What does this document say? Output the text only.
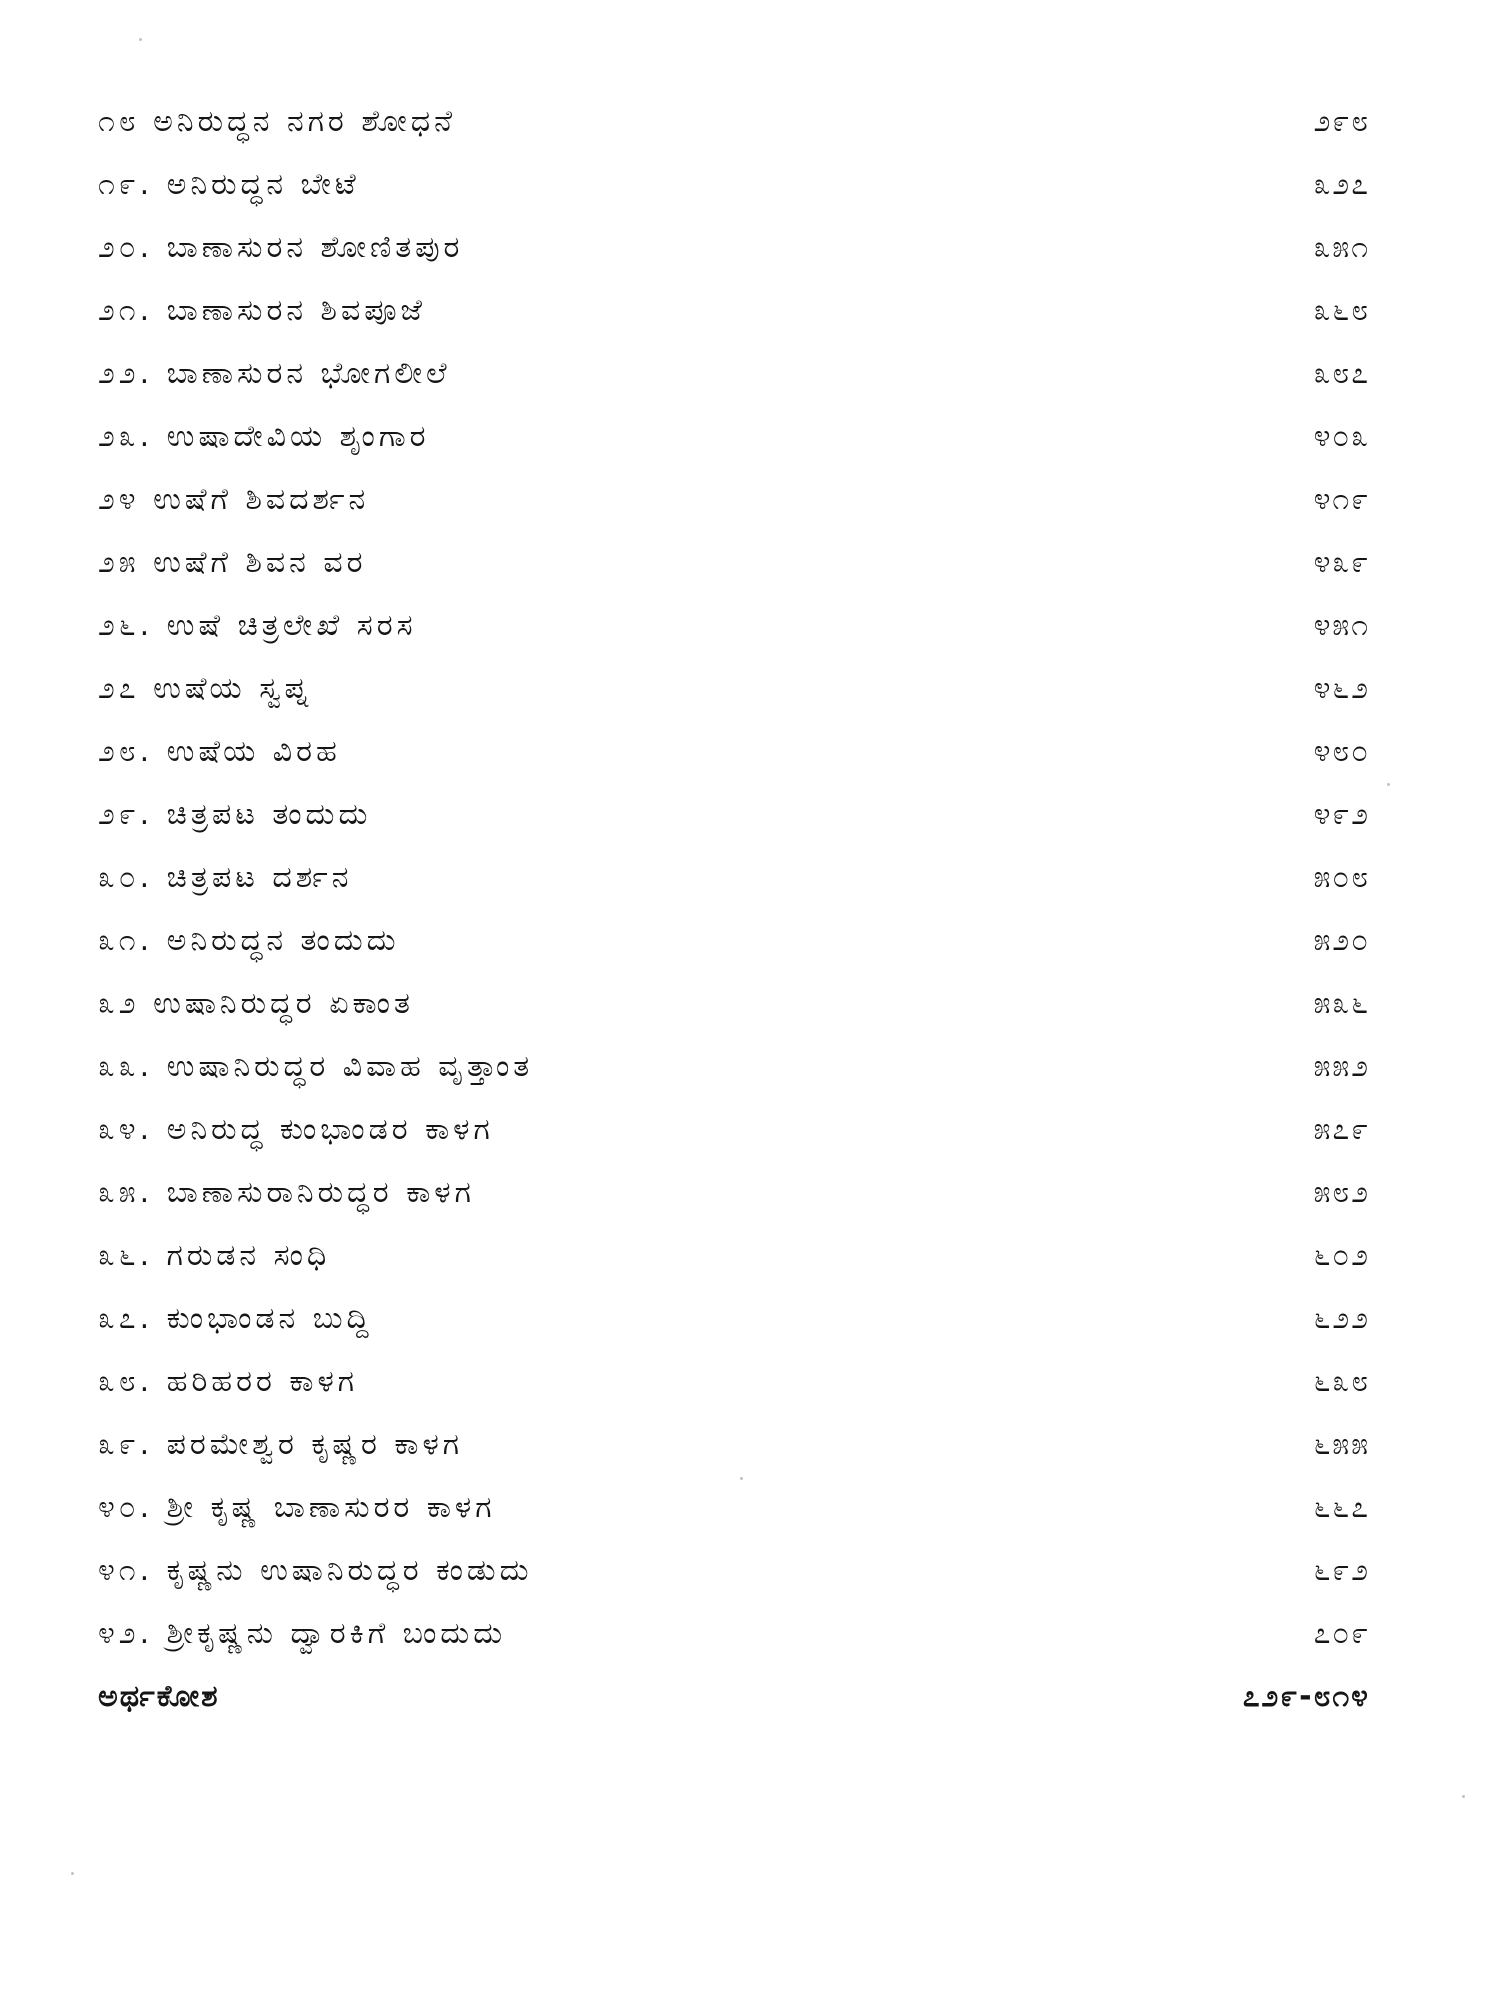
೧೮ ಅನಿರುದ್ಧನ ನಗರ ಶೋಧನೆ	೨೯೮
೧೯. ಅನಿರುದ್ಧನ ಬೇಟೆ	೩೨೭
೨೦. ಬಾಣಾಸುರನ ಶೋಣಿತಪುರ	೩೫೧
೨೧. ಬಾಣಾಸುರನ ಶಿವಪೂಜೆ	೩೬೮
೨೨. ಬಾಣಾಸುರನ ಭೋಗಲೀಲೆ	೩೮೭
೨೩. ಉಷಾದೇವಿಯ ಶೃಂಗಾರ	೪೦೩
೨೪ ಉಷೆಗೆ ಶಿವದರ್ಶನ	೪೧೯
೨೫ ಉಷೆಗೆ ಶಿವನ ವರ	೪೩೯
೨೬. ಉಷೆ ಚಿತ್ರಲೇಖೆ ಸರಸ	೪೫೧
೨೭ ಉಷೆಯ ಸ್ವಪ್ನ	೪೬೨
೨೮. ಉಷೆಯ ವಿರಹ	೪೮೦
೨೯. ಚಿತ್ರಪಟ ತಂದುದು	೪೯೨
೩೦. ಚಿತ್ರಪಟ ದರ್ಶನ	೫೦೮
೩೧. ಅನಿರುದ್ಧನ ತಂದುದು	೫೨೦
೩೨ ಉಷಾನಿರುದ್ಧರ ಏಕಾಂತ	೫೩೬
೩೩. ಉಷಾನಿರುದ್ಧರ ವಿವಾಹ ವೃತ್ತಾಂತ	೫೫೨
೩೪. ಅನಿರುದ್ಧ ಕುಂಭಾಂಡರ ಕಾಳಗ	೫೭೯
೩೫. ಬಾಣಾಸುರಾನಿರುದ್ಧರ ಕಾಳಗ	೫೮೨
೩೬. ಗರುಡನ ಸಂಧಿ	೬೦೨
೩೭. ಕುಂಭಾಂಡನ ಬುದ್ದಿ	೬೨೨
೩೮. ಹರಿಹರರ ಕಾಳಗ	೬೩೮
೩೯. ಪರಮೇಶ್ವರ ಕೃಷ್ಣರ ಕಾಳಗ	೬೫೫
೪೦. ಶ್ರೀ ಕೃಷ್ಣ ಬಾಣಾಸುರರ ಕಾಳಗ	೬೬೭
೪೧. ಕೃಷ್ಣನು ಉಷಾನಿರುದ್ಧರ ಕಂಡುದು	೬೯೨
೪೨. ಶ್ರೀಕೃಷ್ಣನು ದ್ವಾರಕಿಗೆ ಬಂದುದು	೭೦೯
ಅರ್ಥಕೋಶ	೭೨೯-೮೧೪
